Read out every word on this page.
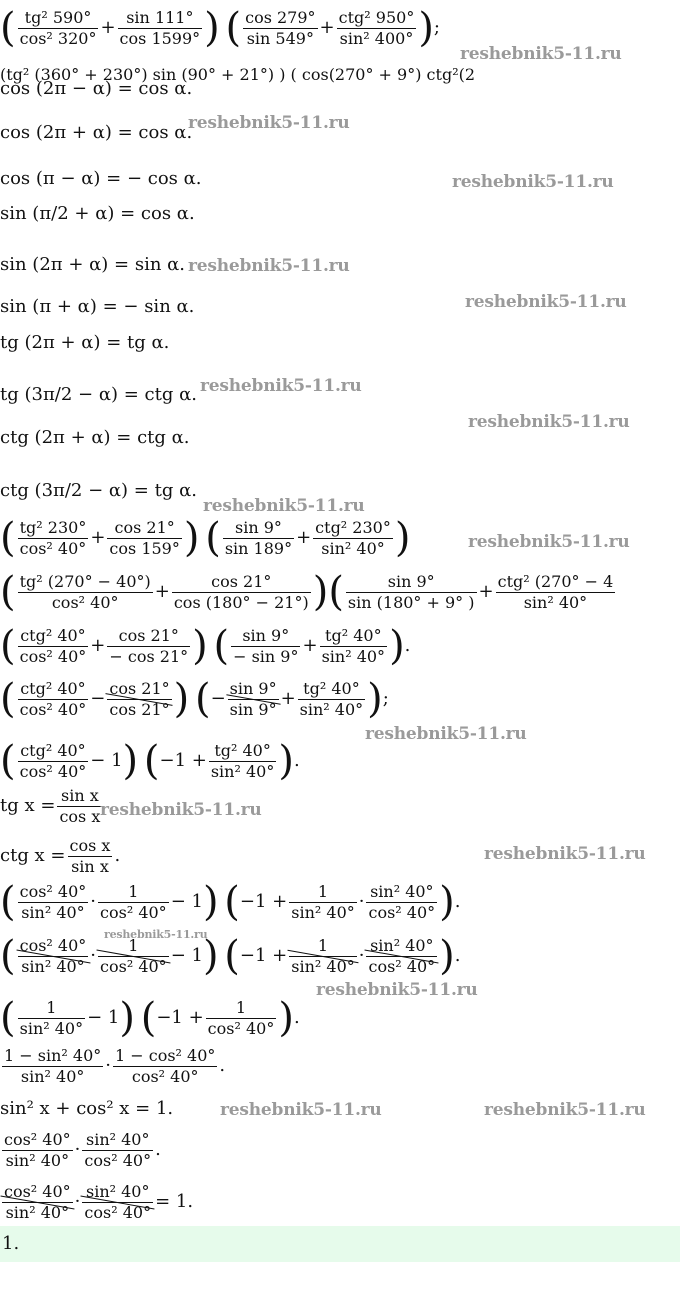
( $\frac{\text{tg² 590°}}{\text{cos² 320°}} + \frac{\sin 111^\circ}{\cos 1599^\circ}$ ) ( $\frac{\cos 279^\circ}{\sin 549^\circ} + \frac{\text{ctg² 950°}}{\text{sin² 400°}}$ );
(tg² (360° + 230°) sin (90° + 21°) ) ( cos(270° + 9°) ctg²(2
cos (2π − α) = cos α.
cos (2π + α) = cos α.
cos (π − α) = − cos α.
sin (π/2 + α) = cos α.
sin (2π + α) = sin α.
sin (π + α) = − sin α.
tg (2π + α) = tg α.
tg (3π/2 − α) = ctg α.
ctg (2π + α) = ctg α.
ctg (3π/2 − α) = tg α.
( $\frac{\text{tg² 230°}}{\text{cos² 40°}} + \frac{\cos 21^\circ}{\cos 159^\circ}$ ) ( $\frac{\sin 9^\circ}{\sin 189^\circ} + \frac{\text{ctg² 230°}}{\text{sin² 40°}}$ )
( $\frac{\text{tg² (270° − 40°)}}{\text{cos² 40°}} + \frac{\cos 21^\circ}{\cos (180^\circ - 21^\circ)}$ )( $\frac{\sin 9^\circ}{\sin (180^\circ + 9^\circ )} + \frac{\text{ctg² (270° − 4}}{\text{sin² 40°}}$
( $\frac{\text{ctg² 40°}}{\text{cos² 40°}} + \frac{\cos 21^\circ}{- \cos 21^\circ}$ ) ( $\frac{\sin 9^\circ}{- \sin 9^\circ} + \frac{\text{tg² 40°}}{\text{sin² 40°}}$ ).
( $\frac{\text{ctg² 40°}}{\text{cos² 40°}} - \frac{\cos 21^\circ}{\cos 21^\circ}$ ) (− $\frac{\sin 9^\circ}{\sin 9^\circ} + \frac{\text{tg² 40°}}{\text{sin² 40°}}$ );
( $\frac{\text{ctg² 40°}}{\text{cos² 40°}} - 1$) ($-1 + \frac{\text{tg² 40°}}{\text{sin² 40°}}$ ).
tg $x = \frac{\text{sin x}}{\text{cos x}}$
ctg $x = \frac{\text{cos x}}{\text{sin x}}$ .
( $\frac{\text{cos² 40°}}{\text{sin² 40°}} \cdot \frac{1}{\text{cos² 40°}} - 1$) ($-1 + \frac{1}{\text{sin² 40°}} \cdot \frac{\text{sin² 40°}}{\text{cos² 40°}}$ ).
( $\frac{\text{cos² 40°}}{\text{sin² 40°}} \cdot \frac{1}{\text{cos² 40°}} - 1$) ($-1 + \frac{1}{\text{sin² 40°}} \cdot \frac{\text{sin² 40°}}{\text{cos² 40°}}$ ).
( $\frac{1}{\text{sin² 40°}} - 1$) ($-1 + \frac{1}{\text{cos² 40°}}$ ).
$\frac{\text{1 − sin² 40°}}{\text{sin² 40°}} \cdot \frac{\text{1 − cos² 40°}}{\text{cos² 40°}}$ .
sin² x + cos² x = 1.
$\frac{\text{cos² 40°}}{\text{sin² 40°}} \cdot \frac{\text{sin² 40°}}{\text{cos² 40°}}$ .
$\frac{\text{cos² 40°}}{\text{sin² 40°}} \cdot \frac{\text{sin² 40°}}{\text{cos² 40°}} = 1$.
1.
reshebnik5-11.ru
reshebnik5-11.ru
reshebnik5-11.ru
reshebnik5-11.ru
reshebnik5-11.ru
reshebnik5-11.ru
reshebnik5-11.ru
reshebnik5-11.ru
reshebnik5-11.ru
reshebnik5-11.ru
reshebnik5-11.ru
reshebnik5-11.ru
reshebnik5-11.ru
reshebnik5-11.ru
reshebnik5-11.ru	reshebnik5-11.ru
